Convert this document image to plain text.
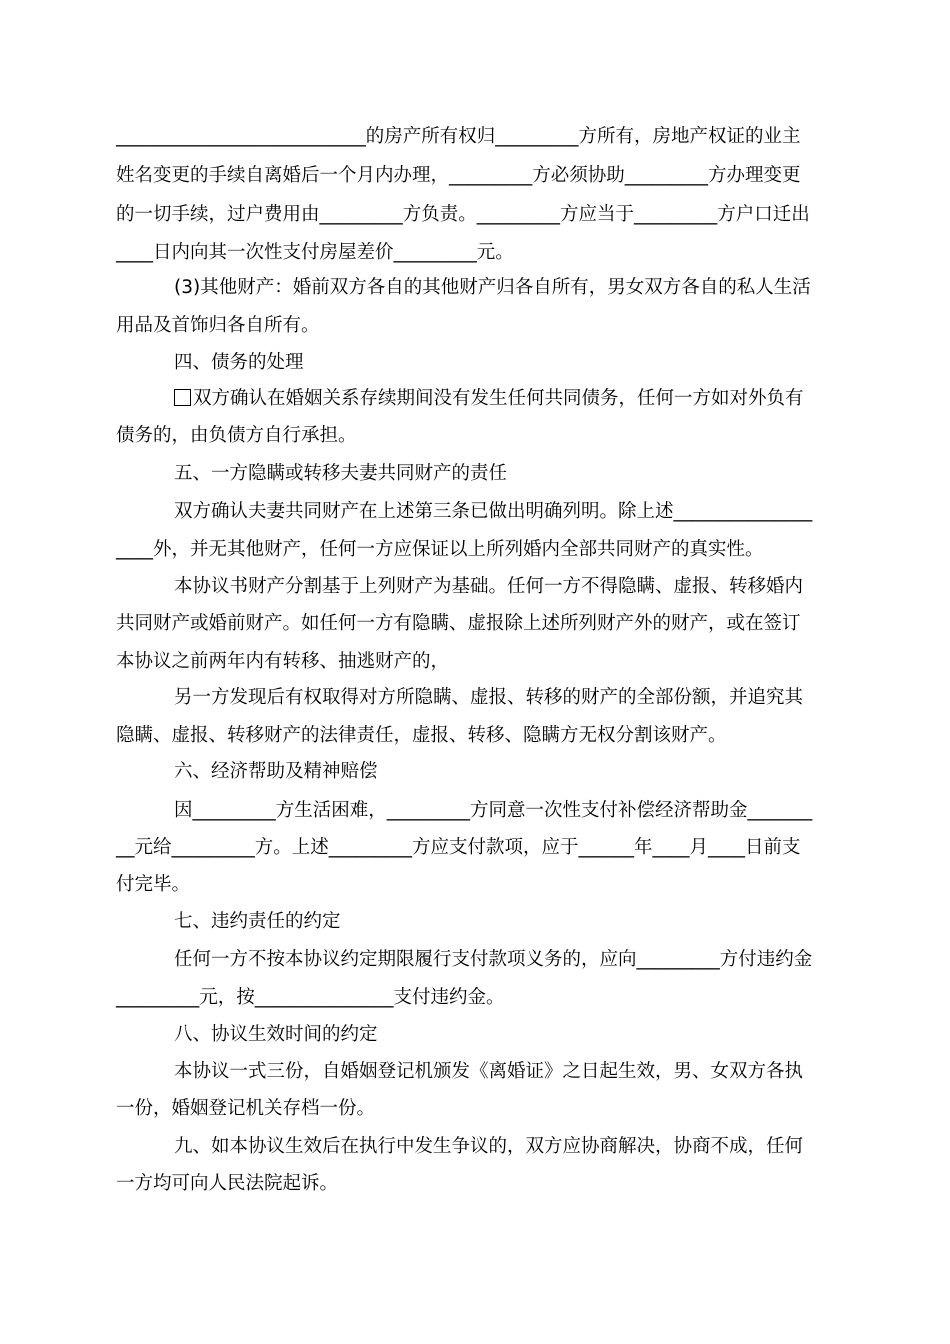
___________________________的房产所有权归_________方所有，房地产权证的业主
姓名变更的手续自离婚后一个月内办理，_________方必须协助_________方办理变更
的一切手续，过户费用由_________方负责。_________方应当于_________方户口迁出
____日内向其一次性支付房屋差价_________元。
(3)其他财产：婚前双方各自的其他财产归各自所有，男女双方各自的私人生活
用品及首饰归各自所有。
四、债务的处理
双方确认在婚姻关系存续期间没有发生任何共同债务，任何一方如对外负有
债务的，由负债方自行承担。
五、一方隐瞒或转移夫妻共同财产的责任
双方确认夫妻共同财产在上述第三条已做出明确列明。除上述_______________
____外，并无其他财产，任何一方应保证以上所列婚内全部共同财产的真实性。
本协议书财产分割基于上列财产为基础。任何一方不得隐瞒、虚报、转移婚内
共同财产或婚前财产。如任何一方有隐瞒、虚报除上述所列财产外的财产，或在签订
本协议之前两年内有转移、抽逃财产的，
另一方发现后有权取得对方所隐瞒、虚报、转移的财产的全部份额，并追究其
隐瞒、虚报、转移财产的法律责任，虚报、转移、隐瞒方无权分割该财产。
六、经济帮助及精神赔偿
因_________方生活困难，_________方同意一次性支付补偿经济帮助金_______
__元给_________方。上述_________方应支付款项，应于______年____月____日前支
付完毕。
七、违约责任的约定
任何一方不按本协议约定期限履行支付款项义务的，应向_________方付违约金
_________元，按_______________支付违约金。
八、协议生效时间的约定
本协议一式三份，自婚姻登记机颁发《离婚证》之日起生效，男、女双方各执
一份，婚姻登记机关存档一份。
九、如本协议生效后在执行中发生争议的，双方应协商解决，协商不成，任何
一方均可向人民法院起诉。
